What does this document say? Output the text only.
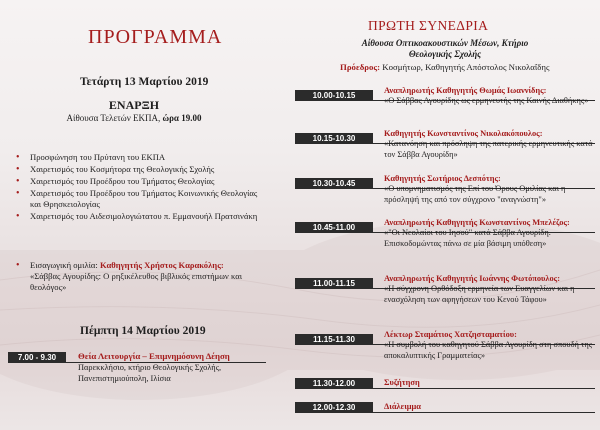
ΠΡΟΓΡΑΜΜΑ
Τετάρτη 13 Μαρτίου 2019
ΕΝΑΡΞΗ
Αίθουσα Τελετών ΕΚΠΑ, ώρα 19.00
• Προσφώνηση του Πρύτανη του ΕΚΠΑ
• Χαιρετισμός του Κοσμήτορα της Θεολογικής Σχολής
• Χαιρετισμός του Προέδρου του Τμήματος Θεολογίας
• Χαιρετισμός του Προέδρου του Τμήματος Κοινωνικής Θεολογίας και Θρησκειολογίας
• Χαιρετισμός του Αιδεσιμολογιώτατου π. Εμμανουήλ Πρατσινάκη
• Εισαγωγική ομιλία: Καθηγητής Χρήστος Καρακόλης:
«Σάββας Αγουρίδης: Ο ρηξικέλευθος βιβλικός επιστήμων και θεολόγος»
Πέμπτη 14 Μαρτίου 2019
7.00 - 9.30	Θεία Λειτουργία – Επιμνημόσυνη Δέηση
Παρεκκλήσιο, κτήριο Θεολογικής Σχολής, Πανεπιστημιούπολη, Ιλίσια
ΠΡΩΤΗ ΣΥΝΕΔΡΙΑ
Αίθουσα Οπτικοακουστικών Μέσων, Κτήριο Θεολογικής Σχολής
Πρόεδρος: Κοσμήτωρ, Καθηγητής Απόστολος Νικολαΐδης
10.00-10.15
Αναπληρωτής Καθηγητής Θωμάς Ιωαννίδης:
«Ο Σάββας Αγουρίδης ως ερμηνευτής της Καινής Διαθήκης»
10.15-10.30
Καθηγητής Κωνσταντίνος Νικολακόπουλος:
«Κατανόηση και πρόσληψη της πατερικής ερμηνευτικής κατά τον Σάββα Αγουρίδη»
10.30-10.45
Καθηγητής Σωτήριος Δεσπότης:
«Ο υπομνηματισμός της Επί του Όρους Ομιλίας και η πρόσληψή της από τον σύγχρονο "αναγνώστη"»
10.45-11.00
Αναπληρωτής Καθηγητής Κωνσταντίνος Μπελέζος:
«"Οι Νεολαίοι του Ιησού" κατά Σάββα Αγουρίδη. Επισκοδομώντας πάνω σε μία βάσιμη υπόθεση»
11.00-11.15
Αναπληρωτής Καθηγητής Ιωάννης Φωτόπουλος:
«Η σύγχρονη Ορθόδοξη ερμηνεία των Ευαγγελίων και η ενασχόληση των αφηγήσεων του Κενού Τάφου»
11.15-11.30
Λέκτωρ Σταμάτιος Χατζησταματίου:
«Η συμβολή του καθηγητού Σάββα Αγουρίδη στη σπουδή της αποκαλυπτικής Γραμματείας»
11.30-12.00	Συζήτηση
12.00-12.30	Διάλειμμα
